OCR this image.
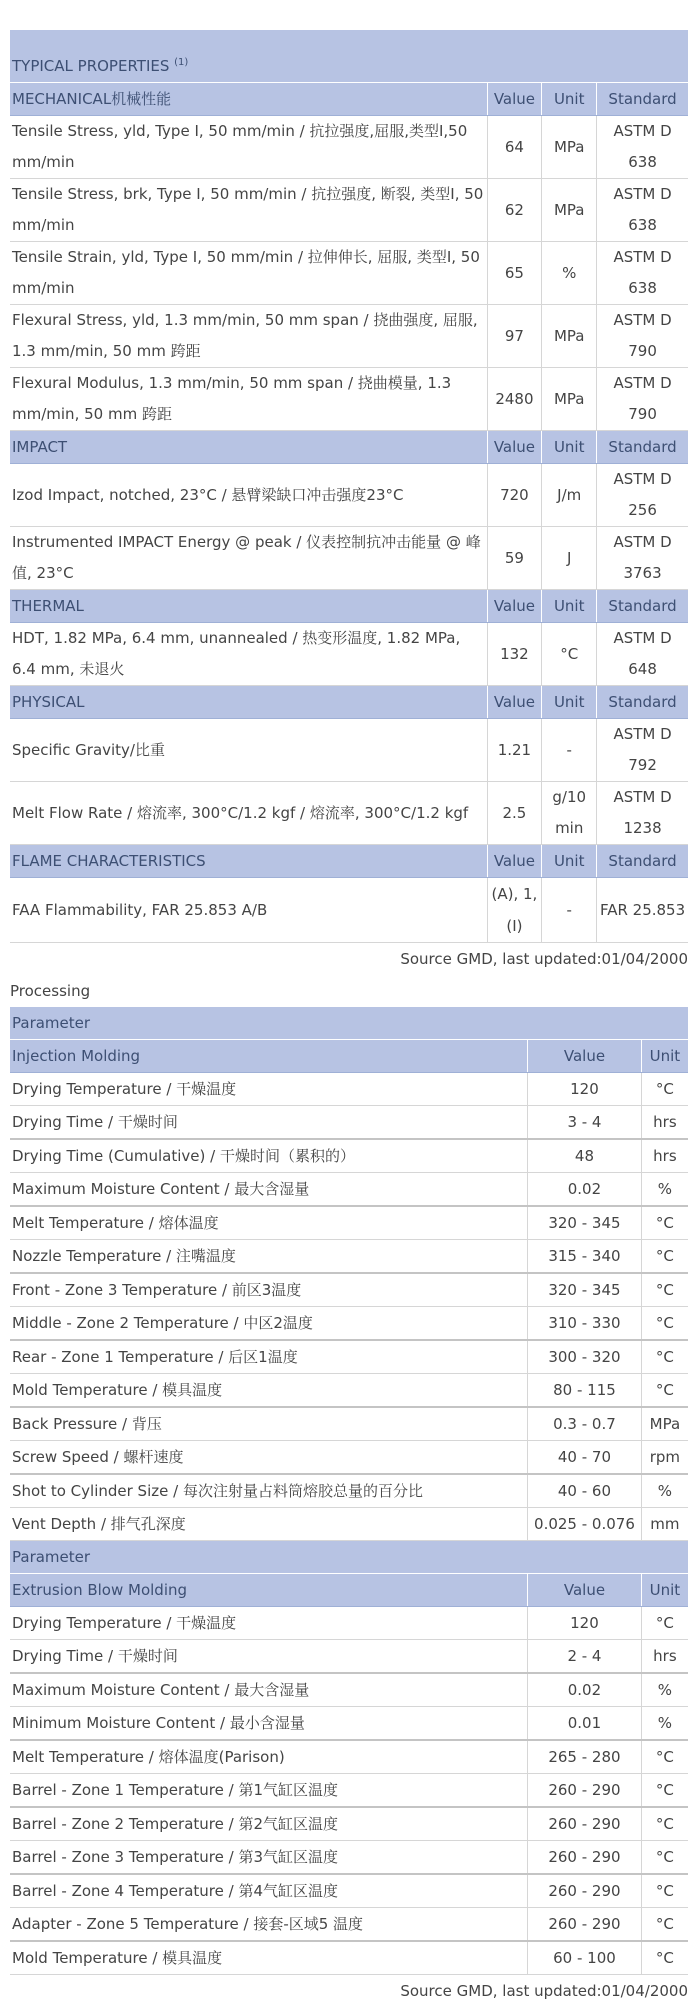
TYPICAL PROPERTIES $^{(1)}$
MECHANICAL机械性能	Value	Unit	Standard
Tensile Stress, yld, Type I, 50 mm/min / 抗拉强度,屈服,类型I,50 mm/min	64	MPa	ASTM D 638
Tensile Stress, brk, Type I, 50 mm/min / 抗拉强度, 断裂, 类型I, 50 mm/min	62	MPa	ASTM D 638
Tensile Strain, yld, Type I, 50 mm/min / 拉伸伸长, 屈服, 类型I, 50 mm/min	65	%	ASTM D 638
Flexural Stress, yld, 1.3 mm/min, 50 mm span / 挠曲强度, 屈服, 1.3 mm/min, 50 mm 跨距	97	MPa	ASTM D 790
Flexural Modulus, 1.3 mm/min, 50 mm span / 挠曲模量, 1.3 mm/min, 50 mm 跨距	2480	MPa	ASTM D 790
IMPACT	Value	Unit	Standard
Izod Impact, notched, 23°C / 悬臂梁缺口冲击强度23°C	720	J/m	ASTM D 256
Instrumented IMPACT Energy @ peak / 仪表控制抗冲击能量 @ 峰值, 23°C	59	J	ASTM D 3763
THERMAL	Value	Unit	Standard
HDT, 1.82 MPa, 6.4 mm, unannealed / 热变形温度, 1.82 MPa, 6.4 mm, 未退火	132	°C	ASTM D 648
PHYSICAL	Value	Unit	Standard
Specific Gravity/比重	1.21	-	ASTM D 792
Melt Flow Rate / 熔流率, 300°C/1.2 kgf / 熔流率, 300°C/1.2 kgf	2.5	g/10 min	ASTM D 1238
FLAME CHARACTERISTICS	Value	Unit	Standard
FAA Flammability, FAR 25.853 A/B	(A), 1, (I)	-	FAR 25.853
Source GMD, last updated:01/04/2000
Processing
Parameter		
Injection Molding	Value	Unit
Drying Temperature / 干燥温度	120	°C
Drying Time / 干燥时间	3 - 4	hrs
Drying Time (Cumulative) / 干燥时间（累积的）	48	hrs
Maximum Moisture Content / 最大含湿量	0.02	%
Melt Temperature / 熔体温度	320 - 345	°C
Nozzle Temperature / 注嘴温度	315 - 340	°C
Front - Zone 3 Temperature / 前区3温度	320 - 345	°C
Middle - Zone 2 Temperature / 中区2温度	310 - 330	°C
Rear - Zone 1 Temperature / 后区1温度	300 - 320	°C
Mold Temperature / 模具温度	80 - 115	°C
Back Pressure / 背压	0.3 - 0.7	MPa
Screw Speed / 螺杆速度	40 - 70	rpm
Shot to Cylinder Size / 每次注射量占料筒熔胶总量的百分比	40 - 60	%
Vent Depth / 排气孔深度	0.025 - 0.076	mm
Parameter		
Extrusion Blow Molding	Value	Unit
Drying Temperature / 干燥温度	120	°C
Drying Time / 干燥时间	2 - 4	hrs
Maximum Moisture Content / 最大含湿量	0.02	%
Minimum Moisture Content / 最小含湿量	0.01	%
Melt Temperature / 熔体温度(Parison)	265 - 280	°C
Barrel - Zone 1 Temperature / 第1气缸区温度	260 - 290	°C
Barrel - Zone 2 Temperature / 第2气缸区温度	260 - 290	°C
Barrel - Zone 3 Temperature / 第3气缸区温度	260 - 290	°C
Barrel - Zone 4 Temperature / 第4气缸区温度	260 - 290	°C
Adapter - Zone 5 Temperature / 接套-区域5 温度	260 - 290	°C
Mold Temperature / 模具温度	60 - 100	°C
Source GMD, last updated:01/04/2000
